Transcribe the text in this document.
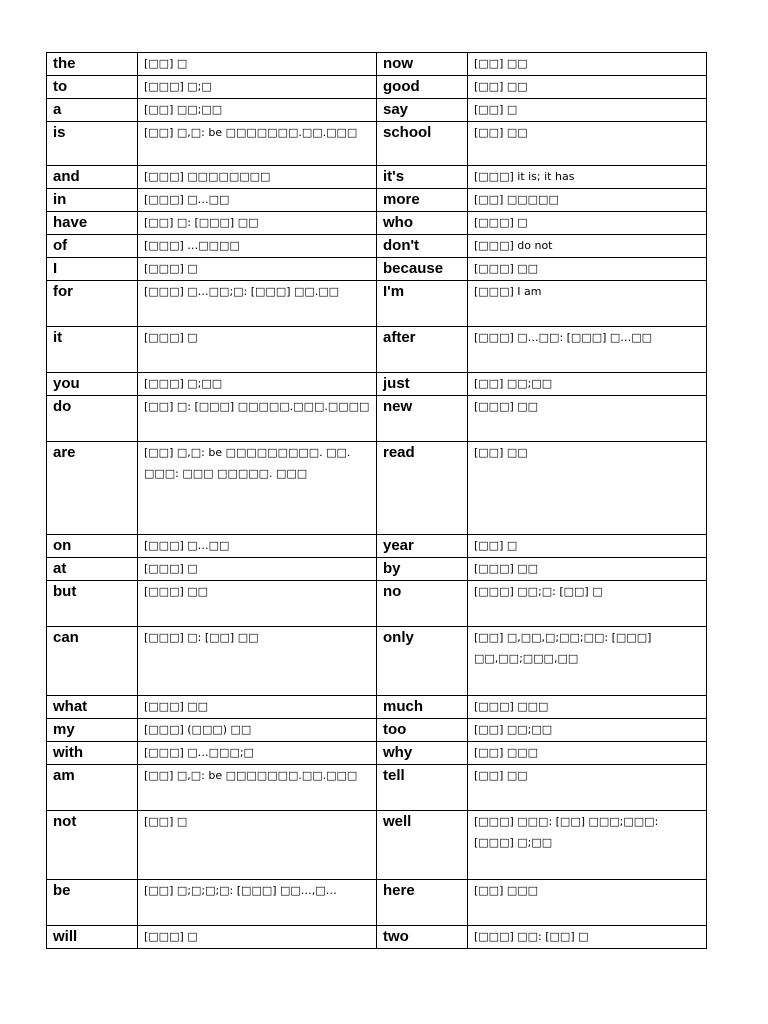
the	[□□] □	now	[□□] □□
to	[□□□] □;□	good	[□□] □□
a	[□□] □□;□□	say	[□□] □
is	[□□] □,□: be □□□□□□□.□□.□□□	school	[□□] □□
and	[□□□] □□□□□□□□	it's	[□□□] it is; it has
in	[□□□] □…□□	more	[□□] □□□□□
have	[□□] □: [□□□] □□	who	[□□□] □
of	[□□□] …□□□□	don't	[□□□] do not
I	[□□□] □	because	[□□□] □□
for	[□□□] □…□□;□: [□□□] □□.□□	I'm	[□□□] I am
it	[□□□] □	after	[□□□] □…□□: [□□□] □…□□
you	[□□□] □;□□	just	[□□] □□;□□
do	[□□] □: [□□□] □□□□□.□□□.□□□□	new	[□□□] □□
are	[□□] □,□: be □□□□□□□□□. □□. □□□: □□□ □□□□□. □□□	read	[□□] □□
on	[□□□] □…□□	year	[□□] □
at	[□□□] □	by	[□□□] □□
but	[□□□] □□	no	[□□□] □□;□: [□□] □
can	[□□□] □: [□□] □□	only	[□□] □,□□,□;□□;□□: [□□□] □□,□□;□□□,□□
what	[□□□] □□	much	[□□□] □□□
my	[□□□] (□□□) □□	too	[□□] □□;□□
with	[□□□] □…□□□;□	why	[□□] □□□
am	[□□] □,□: be □□□□□□□.□□.□□□	tell	[□□] □□
not	[□□] □	well	[□□□] □□□: [□□] □□□;□□□: [□□□] □;□□
be	[□□] □;□;□;□: [□□□] □□…,□…	here	[□□] □□□
will	[□□□] □	two	[□□□] □□: [□□] □
